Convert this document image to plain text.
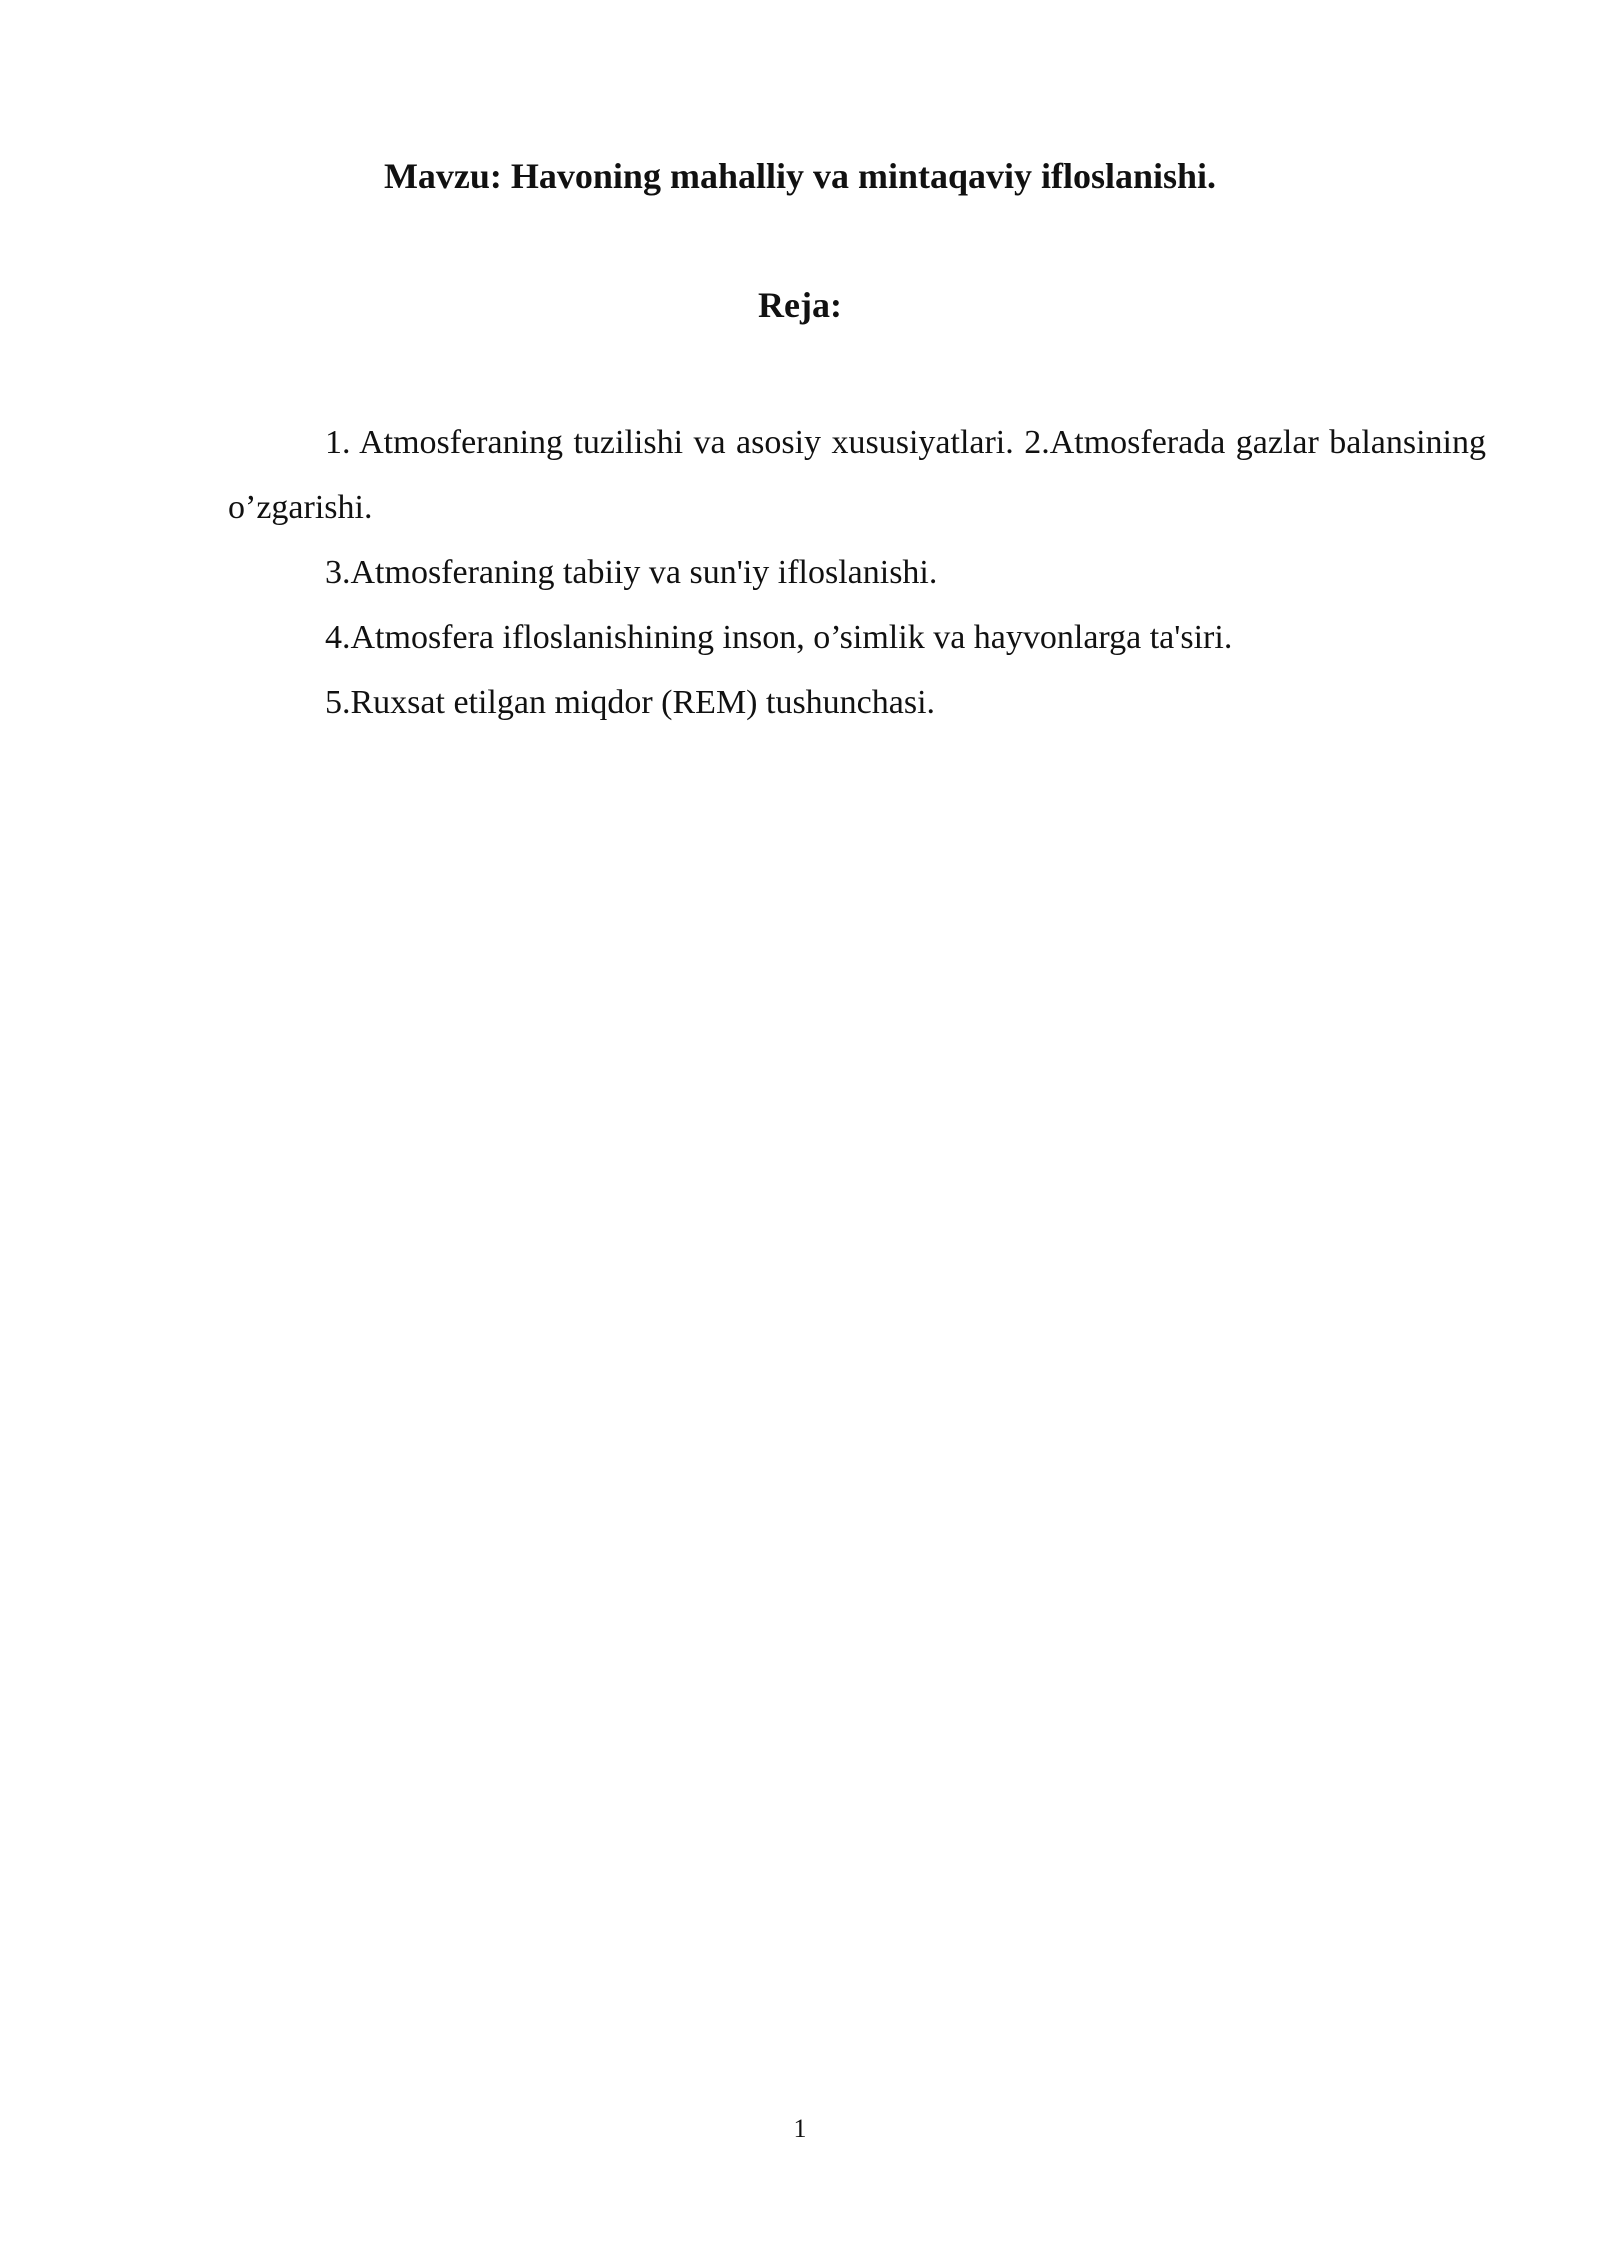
Mavzu: Havoning mahalliy va mintaqaviy ifloslanishi.
Reja:

1. Atmosferaning tuzilishi va asosiy xususiyatlari. 2.Atmosferada gazlar balansining o’zgarishi.

3.Atmosferaning tabiiy va sun'iy ifloslanishi.

4.Atmosfera ifloslanishining inson, o’simlik va hayvonlarga ta'siri.

5.Ruxsat etilgan miqdor (REM) tushunchasi.

1
